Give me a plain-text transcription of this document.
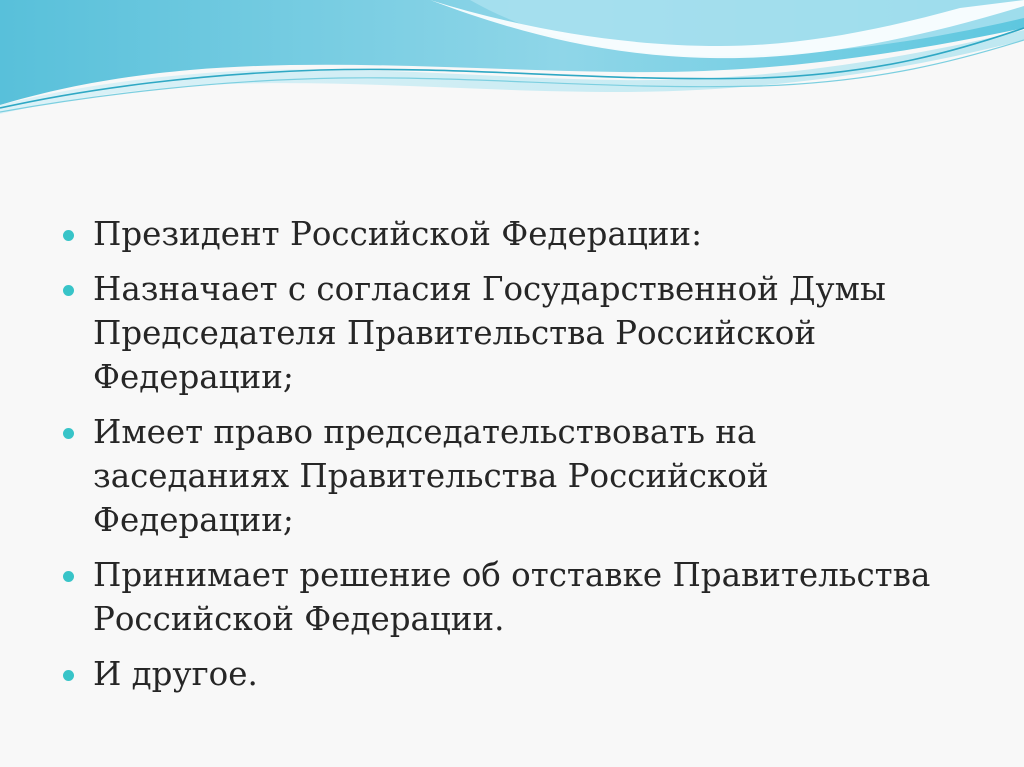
Президент Российской Федерации:
Назначает с согласия Государственной Думы Председателя Правительства Российской Федерации;
Имеет право председательствовать на заседаниях Правительства Российской Федерации;
Принимает решение об отставке Правительства Российской Федерации.
И другое.
